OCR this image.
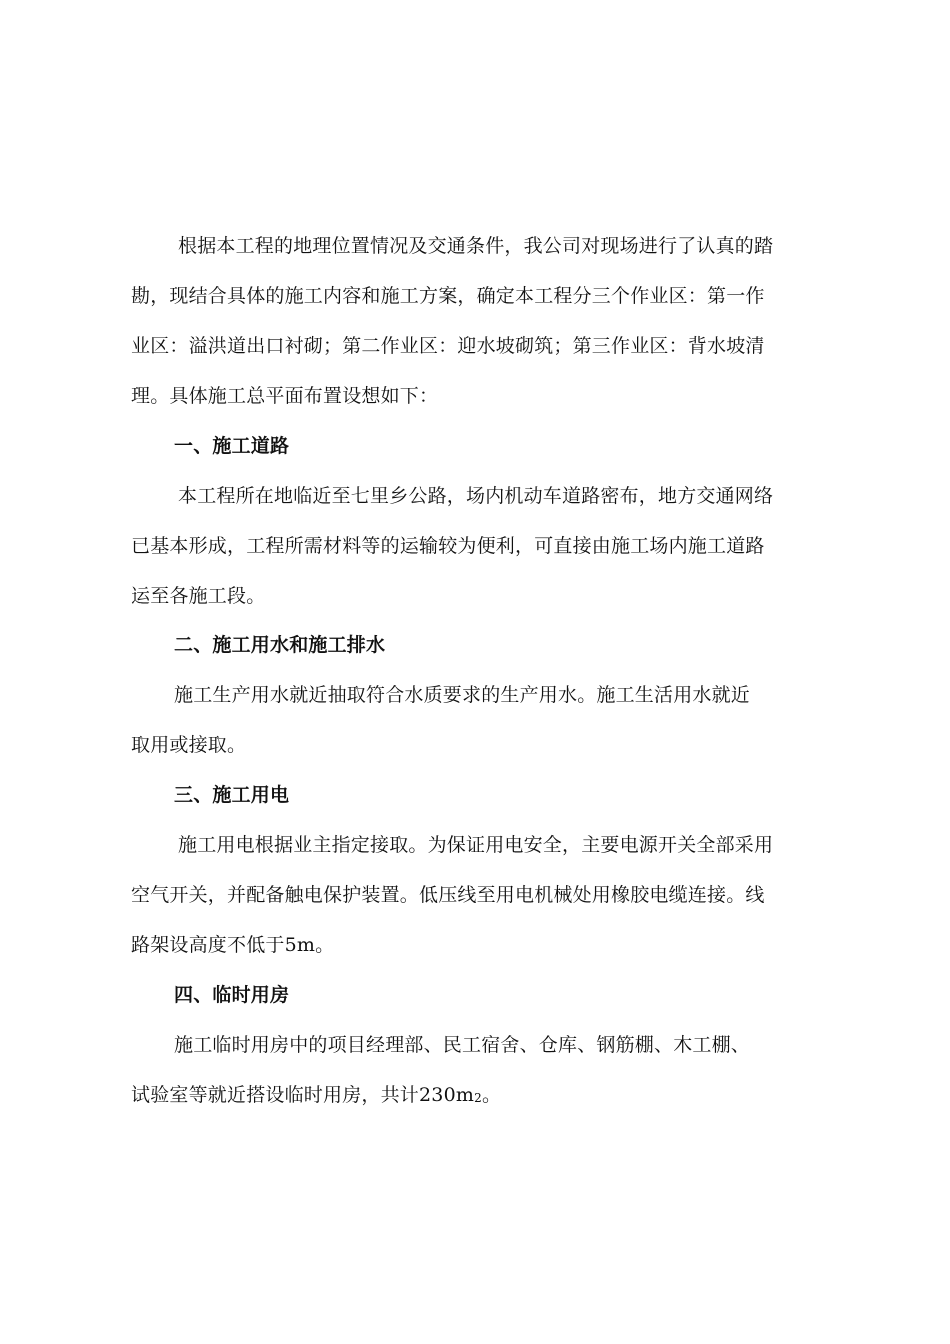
根据本工程的地理位置情况及交通条件，我公司对现场进行了认真的踏
勘，现结合具体的施工内容和施工方案，确定本工程分三个作业区：第一作
业区：溢洪道出口衬砌；第二作业区：迎水坡砌筑；第三作业区：背水坡清
理。具体施工总平面布置设想如下：
一、施工道路
本工程所在地临近至七里乡公路，场内机动车道路密布，地方交通网络
已基本形成，工程所需材料等的运输较为便利，可直接由施工场内施工道路
运至各施工段。
二、施工用水和施工排水
施工生产用水就近抽取符合水质要求的生产用水。施工生活用水就近
取用或接取。
三、施工用电
施工用电根据业主指定接取。为保证用电安全，主要电源开关全部采用
空气开关，并配备触电保护装置。低压线至用电机械处用橡胶电缆连接。线
路架设高度不低于5m。
四、临时用房
施工临时用房中的项目经理部、民工宿舍、仓库、钢筋棚、木工棚、
试验室等就近搭设临时用房，共计230m2。
